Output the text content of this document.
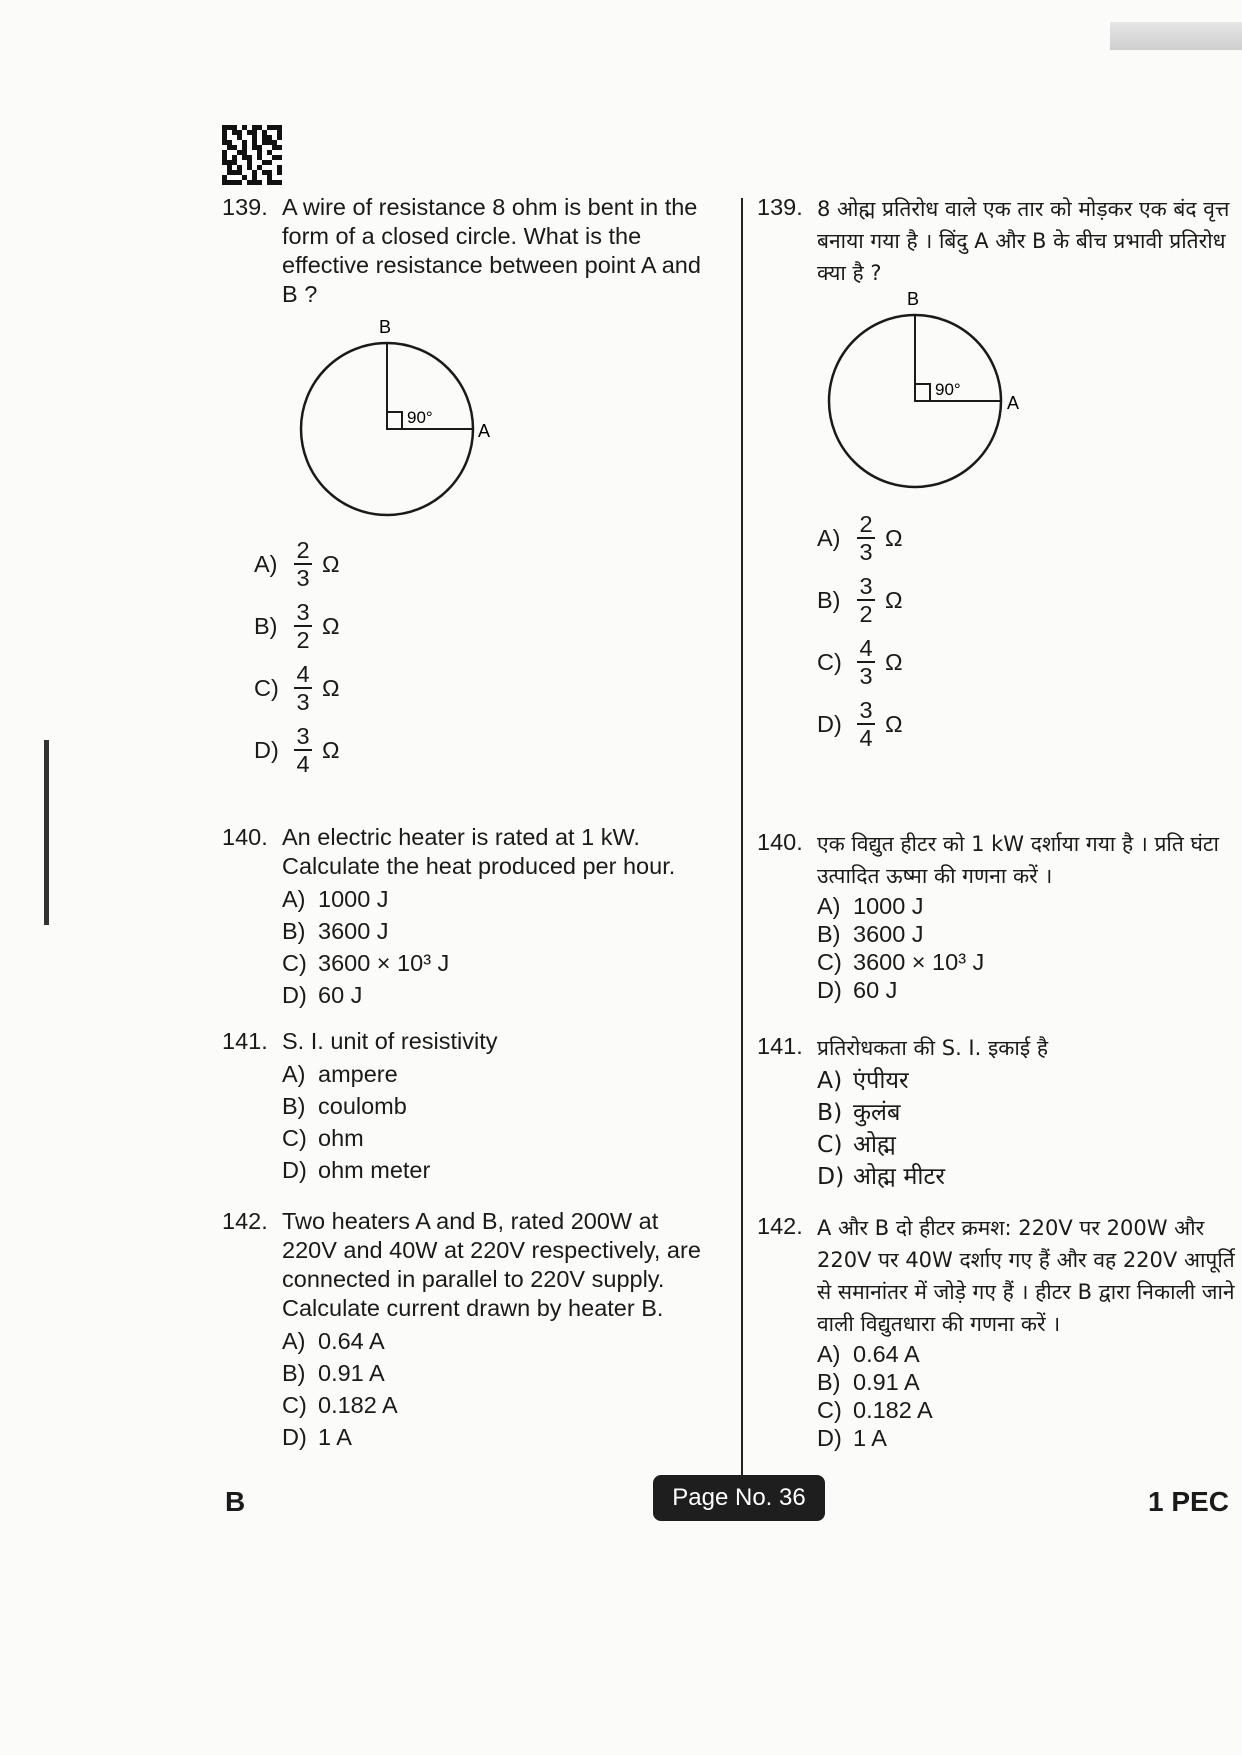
139. A wire of resistance 8 ohm is bent in the form of a closed circle. What is the effective resistance between point A and B ?
90°
B
A
$A) \frac{2}{3}$ Ω
$B) \frac{3}{2}$ Ω
$C) \frac{4}{3}$ Ω
$D) \frac{3}{4}$ Ω
140. An electric heater is rated at 1 kW. Calculate the heat produced per hour.
A) 1000 J
B) 3600 J
C) 3600 × 10³ J
D) 60 J
141. S. I. unit of resistivity
A) ampere
B) coulomb
C) ohm
D) ohm meter
142. Two heaters A and B, rated 200W at 220V and 40W at 220V respectively, are connected in parallel to 220V supply. Calculate current drawn by heater B.
A) 0.64 A
B) 0.91 A
C) 0.182 A
D) 1 A
139. 8 ओह्म प्रतिरोध वाले एक तार को मोड़कर एक बंद वृत्त बनाया गया है । बिंदु A और B के बीच प्रभावी प्रतिरोध क्या है ?
90°
B
A
$A) \frac{2}{3}$ Ω
$B) \frac{3}{2}$ Ω
$C) \frac{4}{3}$ Ω
$D) \frac{3}{4}$ Ω
140. एक विद्युत हीटर को 1 kW दर्शाया गया है । प्रति घंटा उत्पादित ऊष्मा की गणना करें ।
A) 1000 J
B) 3600 J
C) 3600 × 10³ J
D) 60 J
141. प्रतिरोधकता की S. I. इकाई है
A) एंपीयर
B) कुलंब
C) ओह्म
D) ओह्म मीटर
142. A और B दो हीटर क्रमश: 220V पर 200W और 220V पर 40W दर्शाए गए हैं और वह 220V आपूर्ति से समानांतर में जोड़े गए हैं । हीटर B द्वारा निकाली जाने वाली विद्युतधारा की गणना करें ।
A) 0.64 A
B) 0.91 A
C) 0.182 A
D) 1 A
B	Page No. 36	1 PEC
